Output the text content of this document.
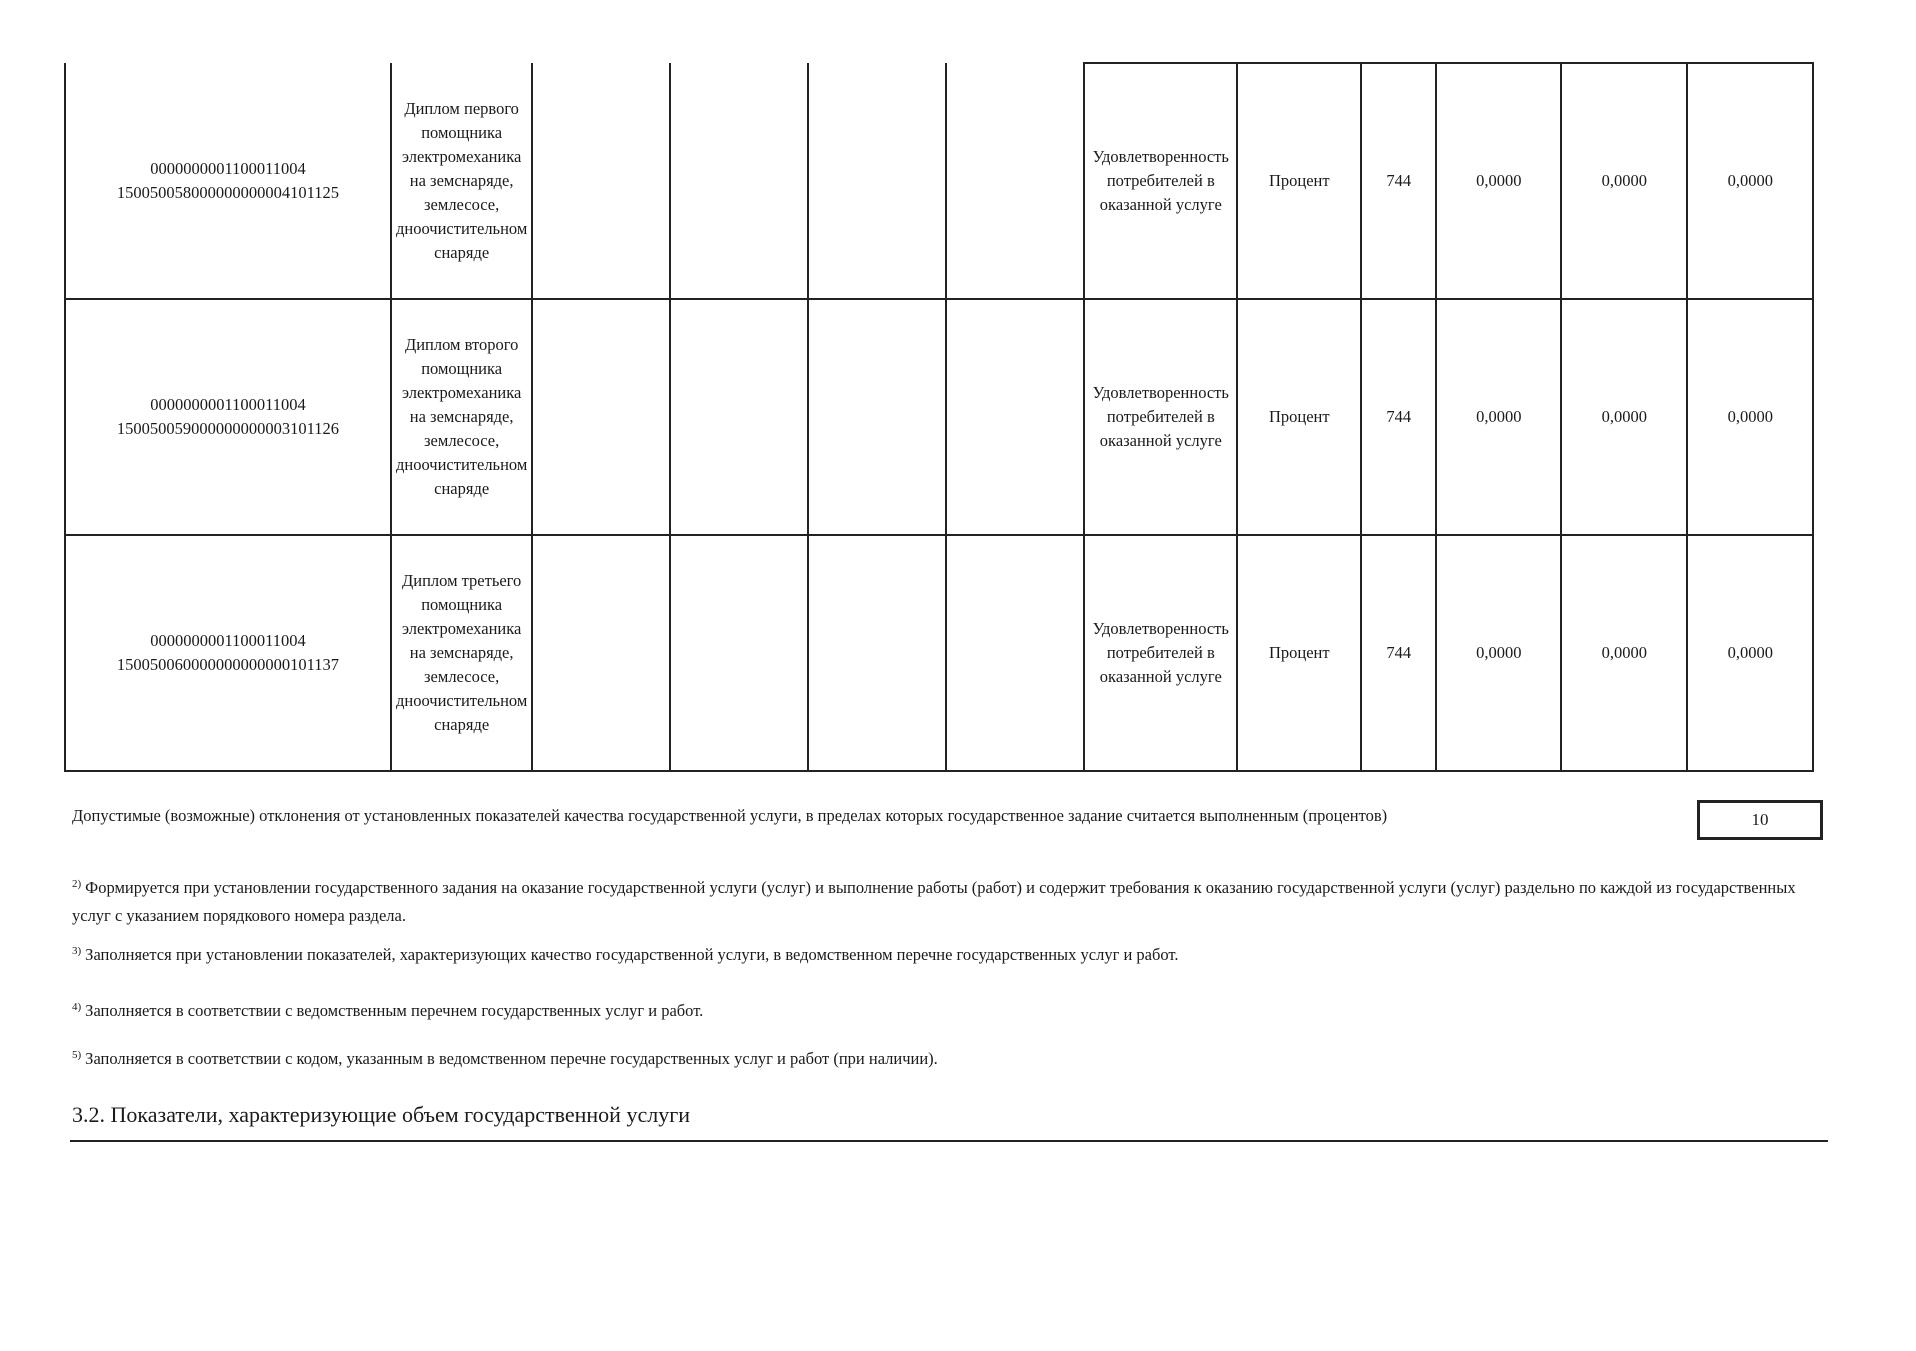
0000000001100011004
150050058000000000004101125	Диплом первого помощника электромеханика на земснаряде, землесосе, дноочистительном снаряде					Удовлетворенность потребителей в оказанной услуге	Процент	744	0,0000	0,0000	0,0000

0000000001100011004
150050059000000000003101126	Диплом второго помощника электромеханика на земснаряде, землесосе, дноочистительном снаряде					Удовлетворенность потребителей в оказанной услуге	Процент	744	0,0000	0,0000	0,0000

0000000001100011004
150050060000000000000101137	Диплом третьего помощника электромеханика на земснаряде, землесосе, дноочистительном снаряде					Удовлетворенность потребителей в оказанной услуге	Процент	744	0,0000	0,0000	0,0000
Допустимые (возможные) отклонения от установленных показателей качества государственной услуги, в пределах которых государственное задание считается выполненным (процентов)	10
$^{2)}$ Формируется при установлении государственного задания на оказание государственной услуги (услуг) и выполнение работы (работ) и содержит требования к оказанию государственной услуги (услуг) раздельно по каждой из государственных услуг с указанием порядкового номера раздела.
$^{3)}$ Заполняется при установлении показателей, характеризующих качество государственной услуги, в ведомственном перечне государственных услуг и работ.
$^{4)}$ Заполняется в соответствии с ведомственным перечнем государственных услуг и работ.
$^{5)}$ Заполняется в соответствии с кодом, указанным в ведомственном перечне государственных услуг и работ (при наличии).
3.2. Показатели, характеризующие объем государственной услуги
